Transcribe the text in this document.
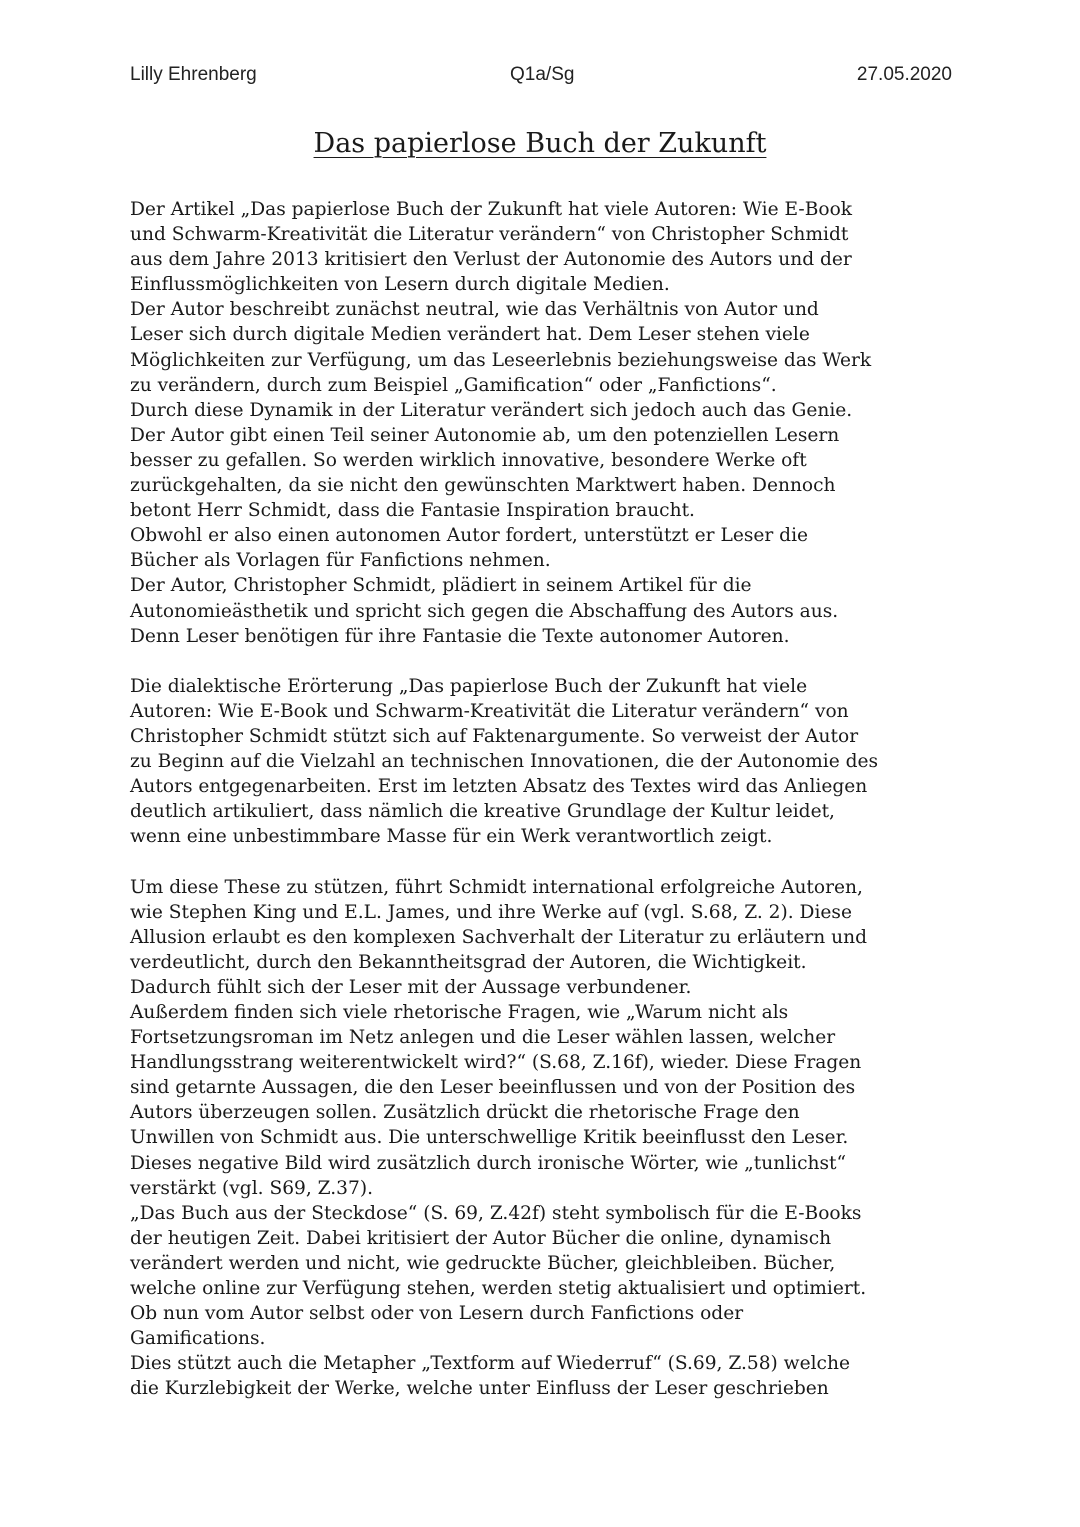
Lilly Ehrenberg	Q1a/Sg	27.05.2020
Das papierlose Buch der Zukunft
Der Artikel „Das papierlose Buch der Zukunft hat viele Autoren: Wie E-Book
und Schwarm-Kreativität die Literatur verändern“ von Christopher Schmidt
aus dem Jahre 2013 kritisiert den Verlust der Autonomie des Autors und der
Einflussmöglichkeiten von Lesern durch digitale Medien.
Der Autor beschreibt zunächst neutral, wie das Verhältnis von Autor und
Leser sich durch digitale Medien verändert hat. Dem Leser stehen viele
Möglichkeiten zur Verfügung, um das Leseerlebnis beziehungsweise das Werk
zu verändern, durch zum Beispiel „Gamification“ oder „Fanfictions“.
Durch diese Dynamik in der Literatur verändert sich jedoch auch das Genie.
Der Autor gibt einen Teil seiner Autonomie ab, um den potenziellen Lesern
besser zu gefallen. So werden wirklich innovative, besondere Werke oft
zurückgehalten, da sie nicht den gewünschten Marktwert haben. Dennoch
betont Herr Schmidt, dass die Fantasie Inspiration braucht.
Obwohl er also einen autonomen Autor fordert, unterstützt er Leser die
Bücher als Vorlagen für Fanfictions nehmen.
Der Autor, Christopher Schmidt, plädiert in seinem Artikel für die
Autonomieästhetik und spricht sich gegen die Abschaffung des Autors aus.
Denn Leser benötigen für ihre Fantasie die Texte autonomer Autoren.
Die dialektische Erörterung „Das papierlose Buch der Zukunft hat viele
Autoren: Wie E-Book und Schwarm-Kreativität die Literatur verändern“ von
Christopher Schmidt stützt sich auf Faktenargumente. So verweist der Autor
zu Beginn auf die Vielzahl an technischen Innovationen, die der Autonomie des
Autors entgegenarbeiten. Erst im letzten Absatz des Textes wird das Anliegen
deutlich artikuliert, dass nämlich die kreative Grundlage der Kultur leidet,
wenn eine unbestimmbare Masse für ein Werk verantwortlich zeigt.
Um diese These zu stützen, führt Schmidt international erfolgreiche Autoren,
wie Stephen King und E.L. James, und ihre Werke auf (vgl. S.68, Z. 2). Diese
Allusion erlaubt es den komplexen Sachverhalt der Literatur zu erläutern und
verdeutlicht, durch den Bekanntheitsgrad der Autoren, die Wichtigkeit.
Dadurch fühlt sich der Leser mit der Aussage verbundener.
Außerdem finden sich viele rhetorische Fragen, wie „Warum nicht als
Fortsetzungsroman im Netz anlegen und die Leser wählen lassen, welcher
Handlungsstrang weiterentwickelt wird?“ (S.68, Z.16f), wieder. Diese Fragen
sind getarnte Aussagen, die den Leser beeinflussen und von der Position des
Autors überzeugen sollen. Zusätzlich drückt die rhetorische Frage den
Unwillen von Schmidt aus. Die unterschwellige Kritik beeinflusst den Leser.
Dieses negative Bild wird zusätzlich durch ironische Wörter, wie „tunlichst“
verstärkt (vgl. S69, Z.37).
„Das Buch aus der Steckdose“ (S. 69, Z.42f) steht symbolisch für die E-Books
der heutigen Zeit. Dabei kritisiert der Autor Bücher die online, dynamisch
verändert werden und nicht, wie gedruckte Bücher, gleichbleiben. Bücher,
welche online zur Verfügung stehen, werden stetig aktualisiert und optimiert.
Ob nun vom Autor selbst oder von Lesern durch Fanfictions oder
Gamifications.
Dies stützt auch die Metapher „Textform auf Wiederruf“ (S.69, Z.58) welche
die Kurzlebigkeit der Werke, welche unter Einfluss der Leser geschrieben
